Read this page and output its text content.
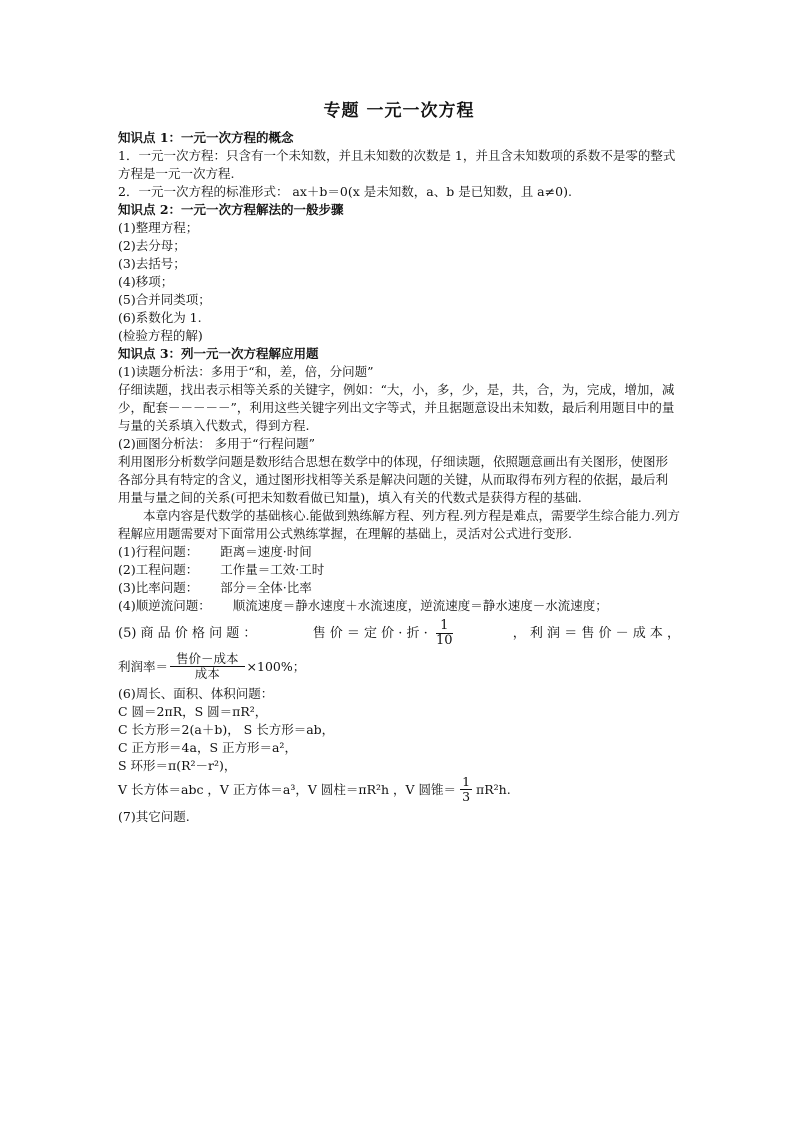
专题 一元一次方程

知识点 1：一元一次方程的概念

1．一元一次方程：只含有一个未知数，并且未知数的次数是 1，并且含未知数项的系数不是零的整式方程是一元一次方程.

2．一元一次方程的标准形式： ax＋b＝0(x 是未知数，a、b 是已知数，且 a≠0).

知识点 2：一元一次方程解法的一般步骤

(1)整理方程；

(2)去分母；

(3)去括号；

(4)移项；

(5)合并同类项；

(6)系数化为 1.

(检验方程的解)

知识点 3：列一元一次方程解应用题

(1)读题分析法：多用于“和，差，倍，分问题”

仔细读题，找出表示相等关系的关键字，例如：“大，小，多，少，是，共，合，为，完成，增加，减少，配套－－－－－”，利用这些关键字列出文字等式，并且据题意设出未知数，最后利用题目中的量与量的关系填入代数式，得到方程.

(2)画图分析法： 多用于“行程问题”

利用图形分析数学问题是数形结合思想在数学中的体现，仔细读题，依照题意画出有关图形，使图形各部分具有特定的含义，通过图形找相等关系是解决问题的关键，从而取得布列方程的依据，最后利用量与量之间的关系(可把未知数看做已知量)，填入有关的代数式是获得方程的基础.

本章内容是代数学的基础核心.能做到熟练解方程、列方程.列方程是难点，需要学生综合能力.列方程解应用题需要对下面常用公式熟练掌握，在理解的基础上，灵活对公式进行变形.

(1)行程问题： 距离＝速度·时间

(2)工程问题： 工作量＝工效·工时

(3)比率问题： 部分＝全体·比率

(4)顺逆流问题： 顺流速度＝静水速度＋水流速度，逆流速度＝静水速度－水流速度；

(5) 商 品 价 格 问 题 ：	售 价 ＝ 定 价 · 折 · $\frac{1}{10}$	， 利 润 ＝ 售 价 － 成 本 ，
利润率＝ $\frac{\text{售价－成本}}{\text{成本}} \times 100\%$；

(6)周长、面积、体积问题：

C 圆＝2πR，S 圆＝πR²，

C 长方形＝2(a＋b)， S 长方形＝ab，

C 正方形＝4a，S 正方形＝a²，

S 环形＝π(R²－r²)，

V 长方体＝abc ，V 正方体＝a³，V 圆柱＝πR²h ，V 圆锥＝ $\frac{1}{3} \pi R^2h$.

(7)其它问题.
